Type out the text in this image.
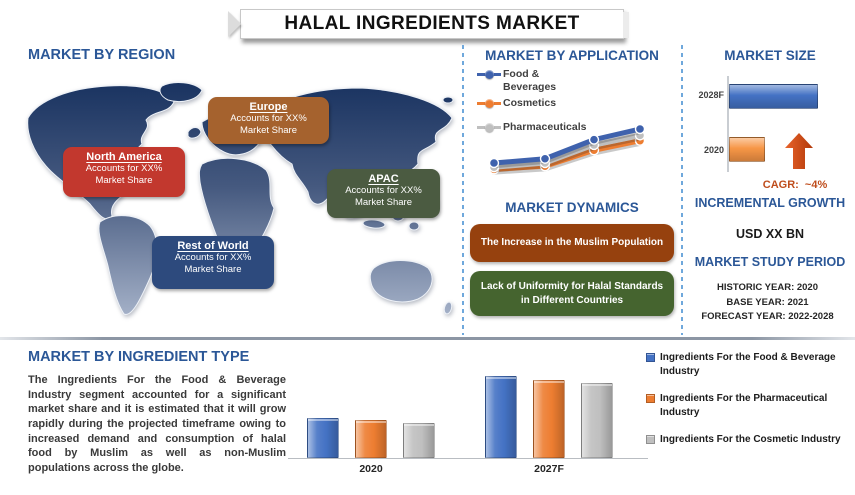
HALAL INGREDIENTS MARKET
MARKET BY REGION
North America
Accounts for XX%
Market Share
Europe
Accounts for XX%
Market Share
APAC
Accounts for XX%
Market Share
Rest of World
Accounts for XX%
Market Share
MARKET BY APPLICATION
Food & Beverages
Cosmetics
Pharmaceuticals
MARKET DYNAMICS
The Increase in the Muslim Population
Lack of Uniformity for Halal Standards in Different Countries
MARKET SIZE
2028F
2020
CAGR:  ~4%
INCREMENTAL GROWTH
USD XX BN
MARKET STUDY PERIOD
HISTORIC YEAR: 2020
BASE YEAR: 2021
FORECAST YEAR: 2022-2028
MARKET BY INGREDIENT TYPE

The Ingredients For the Food & Beverage Industry segment accounted for a significant market share and it is estimated that it will grow rapidly during the projected timeframe owing to increased demand and consumption of halal food by Muslim as well as non-Muslim populations across the globe.	2020	2027F
Ingredients For the Food & Beverage Industry
Ingredients For the Pharmaceutical Industry
Ingredients For the Cosmetic Industry
